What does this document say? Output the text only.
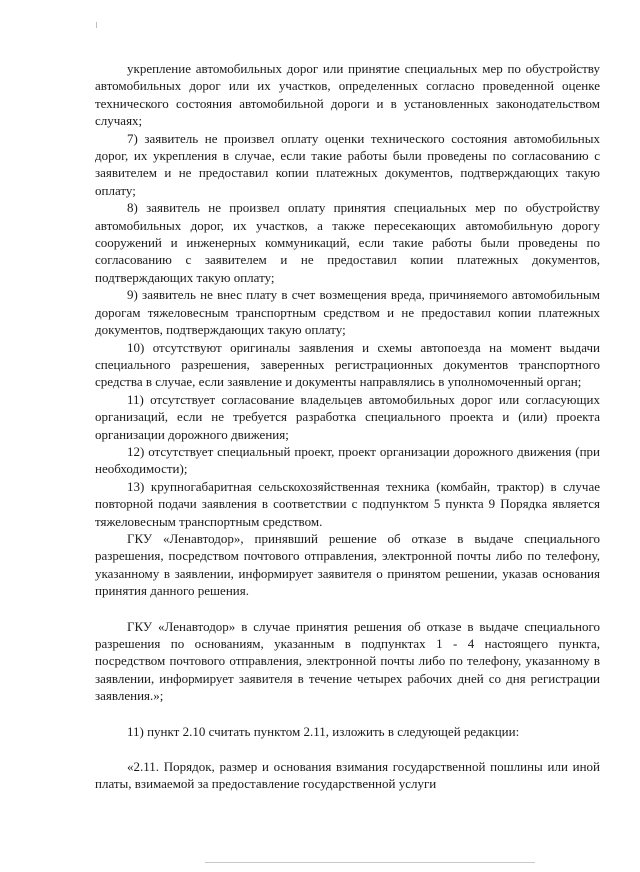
укрепление автомобильных дорог или принятие специальных мер по обустройству автомобильных дорог или их участков, определенных согласно проведенной оценке технического состояния автомобильной дороги и в установленных законодательством случаях;

7) заявитель не произвел оплату оценки технического состояния автомобильных дорог, их укрепления в случае, если такие работы были проведены по согласованию с заявителем и не предоставил копии платежных документов, подтверждающих такую оплату;

8) заявитель не произвел оплату принятия специальных мер по обустройству автомобильных дорог, их участков, а также пересекающих автомобильную дорогу сооружений и инженерных коммуникаций, если такие работы были проведены по согласованию с заявителем и не предоставил копии платежных документов, подтверждающих такую оплату;

9) заявитель не внес плату в счет возмещения вреда, причиняемого автомобильным дорогам тяжеловесным транспортным средством и не предоставил копии платежных документов, подтверждающих такую оплату;

10) отсутствуют оригиналы заявления и схемы автопоезда на момент выдачи специального разрешения, заверенных регистрационных документов транспортного средства в случае, если заявление и документы направлялись в уполномоченный орган;

11) отсутствует согласование владельцев автомобильных дорог или согласующих организаций, если не требуется разработка специального проекта и (или) проекта организации дорожного движения;

12) отсутствует специальный проект, проект организации дорожного движения (при необходимости);

13) крупногабаритная сельскохозяйственная техника (комбайн, трактор) в случае повторной подачи заявления в соответствии с подпунктом 5 пункта 9 Порядка является тяжеловесным транспортным средством.

ГКУ «Ленавтодор», принявший решение об отказе в выдаче специального разрешения, посредством почтового отправления, электронной почты либо по телефону, указанному в заявлении, информирует заявителя о принятом решении, указав основания принятия данного решения.

ГКУ «Ленавтодор» в случае принятия решения об отказе в выдаче специального разрешения по основаниям, указанным в подпунктах 1 - 4 настоящего пункта, посредством почтового отправления, электронной почты либо по телефону, указанному в заявлении, информирует заявителя в течение четырех рабочих дней со дня регистрации заявления.»;

11) пункт 2.10 считать пунктом 2.11, изложить в следующей редакции:

«2.11. Порядок, размер и основания взимания государственной пошлины или иной платы, взимаемой за предоставление государственной услуги
